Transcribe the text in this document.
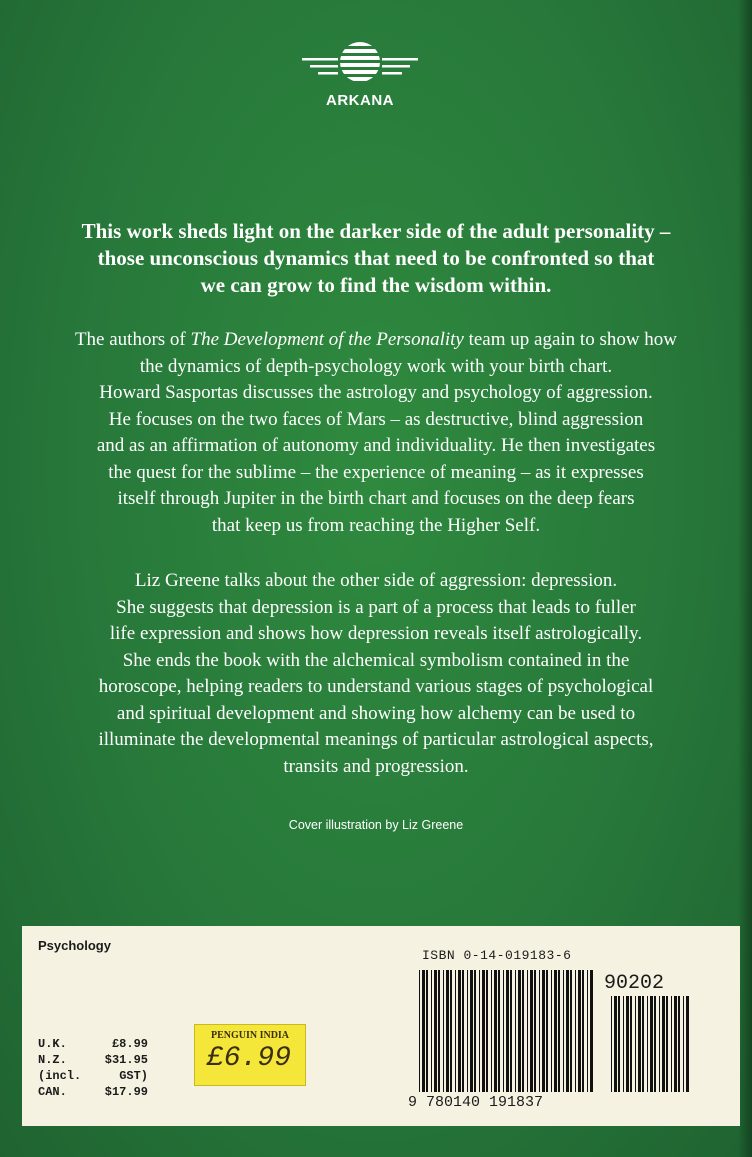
ARKANA
This work sheds light on the darker side of the adult personality –
those unconscious dynamics that need to be confronted so that
we can grow to find the wisdom within.
The authors of The Development of the Personality team up again to show how
the dynamics of depth-psychology work with your birth chart.
Howard Sasportas discusses the astrology and psychology of aggression.
He focuses on the two faces of Mars – as destructive, blind aggression
and as an affirmation of autonomy and individuality. He then investigates
the quest for the sublime – the experience of meaning – as it expresses
itself through Jupiter in the birth chart and focuses on the deep fears
that keep us from reaching the Higher Self.
Liz Greene talks about the other side of aggression: depression.
She suggests that depression is a part of a process that leads to fuller
life expression and shows how depression reveals itself astrologically.
She ends the book with the alchemical symbolism contained in the
horoscope, helping readers to understand various stages of psychological
and spiritual development and showing how alchemy can be used to
illuminate the developmental meanings of particular astrological aspects,
transits and progression.
Cover illustration by Liz Greene
Psychology
U.K.	£8.99
N.Z.	$31.95
(incl.	GST)
CAN.	$17.99
PENGUIN INDIA
£6.99
ISBN 0-14-019183-6
90202
9 780140 191837
